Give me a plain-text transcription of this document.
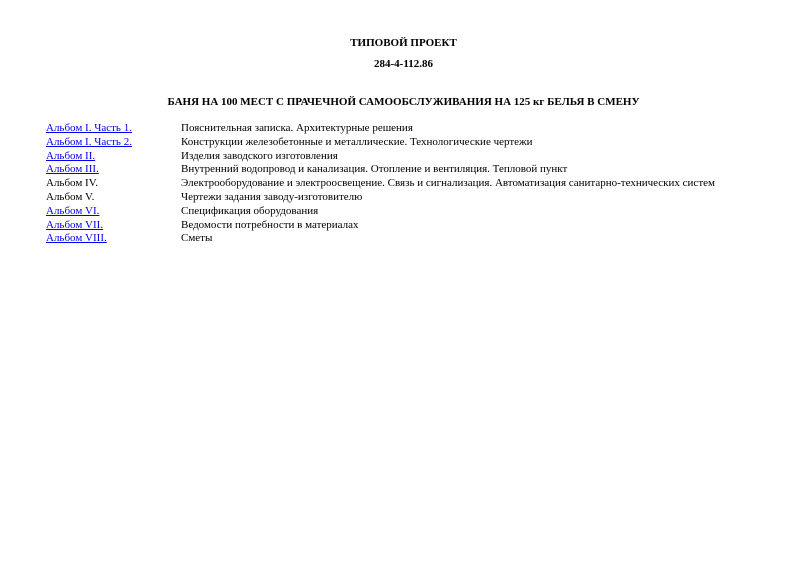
ТИПОВОЙ ПРОЕКТ

284-4-112.86

БАНЯ НА 100 МЕСТ С ПРАЧЕЧНОЙ САМООБСЛУЖИВАНИЯ НА 125 кг БЕЛЬЯ В СМЕНУ

Альбом I. Часть 1.	Пояснительная записка. Архитектурные решения
Альбом I. Часть 2.	Конструкции железобетонные и металлические. Технологические чертежи
Альбом II.	Изделия заводского изготовления
Альбом III.	Внутренний водопровод и канализация. Отопление и вентиляция. Тепловой пункт
Альбом IV.	Электрооборудование и электроосвещение. Связь и сигнализация. Автоматизация санитарно-технических систем
Альбом V.	Чертежи задания заводу-изготовителю
Альбом VI.	Спецификация оборудования
Альбом VII.	Ведомости потребности в материалах
Альбом VIII.	Сметы
